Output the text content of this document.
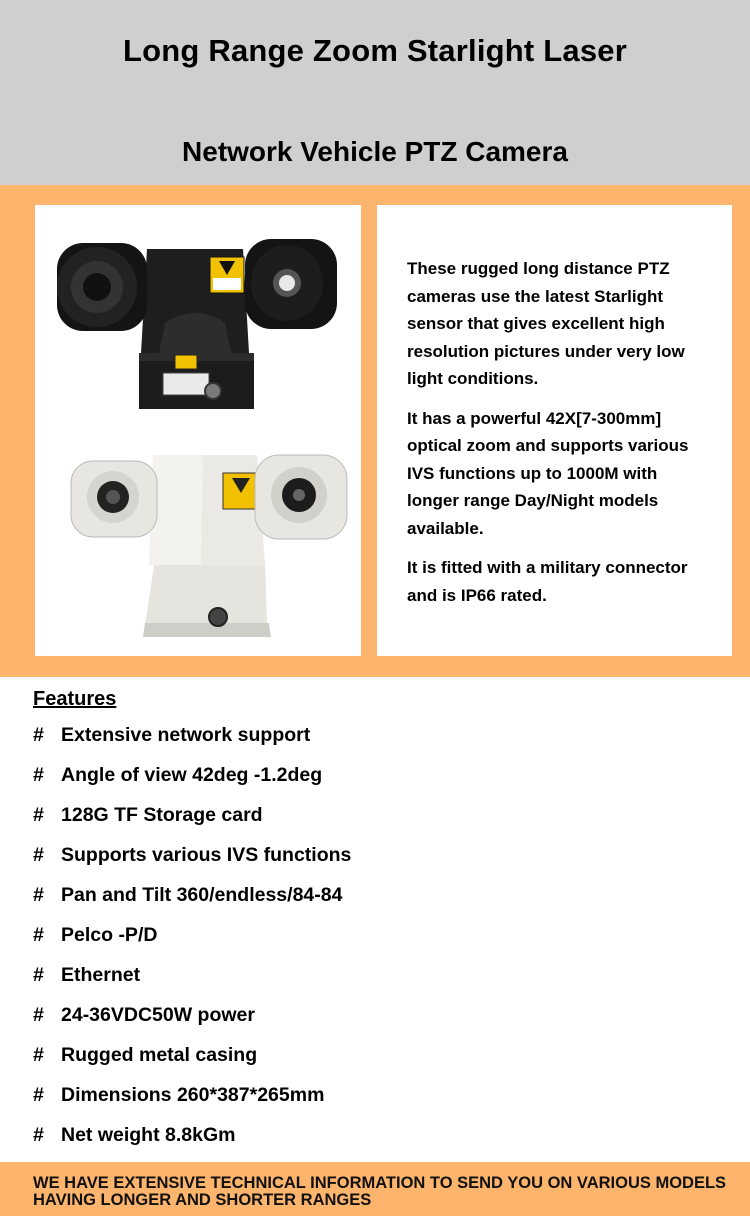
Long Range Zoom Starlight Laser
Network Vehicle PTZ Camera

These rugged long distance PTZ cameras use the latest Starlight sensor that gives excellent high resolution pictures under very low light conditions.

It has a powerful 42X[7-300mm] optical zoom and supports various IVS functions up to 1000M with longer range Day/Night models available.

It is fitted with a military connector and is IP66 rated.

Features
# Extensive network support
# Angle of view 42deg -1.2deg
# 128G TF Storage card
# Supports various IVS functions
# Pan and Tilt 360/endless/84-84
# Pelco -P/D
# Ethernet
# 24-36VDC50W power
# Rugged metal casing
# Dimensions 260*387*265mm
# Net weight 8.8kGm
WE HAVE EXTENSIVE TECHNICAL INFORMATION TO SEND YOU ON VARIOUS MODELS HAVING LONGER AND SHORTER RANGES
